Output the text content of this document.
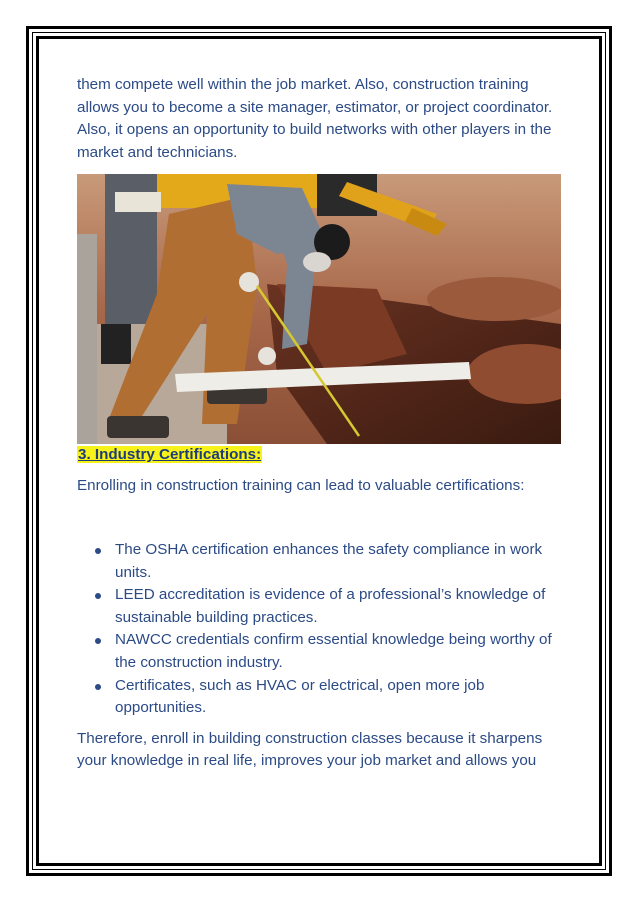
them compete well within the job market. Also, construction training allows you to become a site manager, estimator, or project coordinator. Also, it opens an opportunity to build networks with other players in the market and technicians.

3. Industry Certifications:

Enrolling in construction training can lead to valuable certifications:

The OSHA certification enhances the safety compliance in work units.
LEED accreditation is evidence of a professional’s knowledge of sustainable building practices.
NAWCC credentials confirm essential knowledge being worthy of the construction industry.
Certificates, such as HVAC or electrical, open more job opportunities.

Therefore, enroll in building construction classes because it sharpens your knowledge in real life, improves your job market and allows you
